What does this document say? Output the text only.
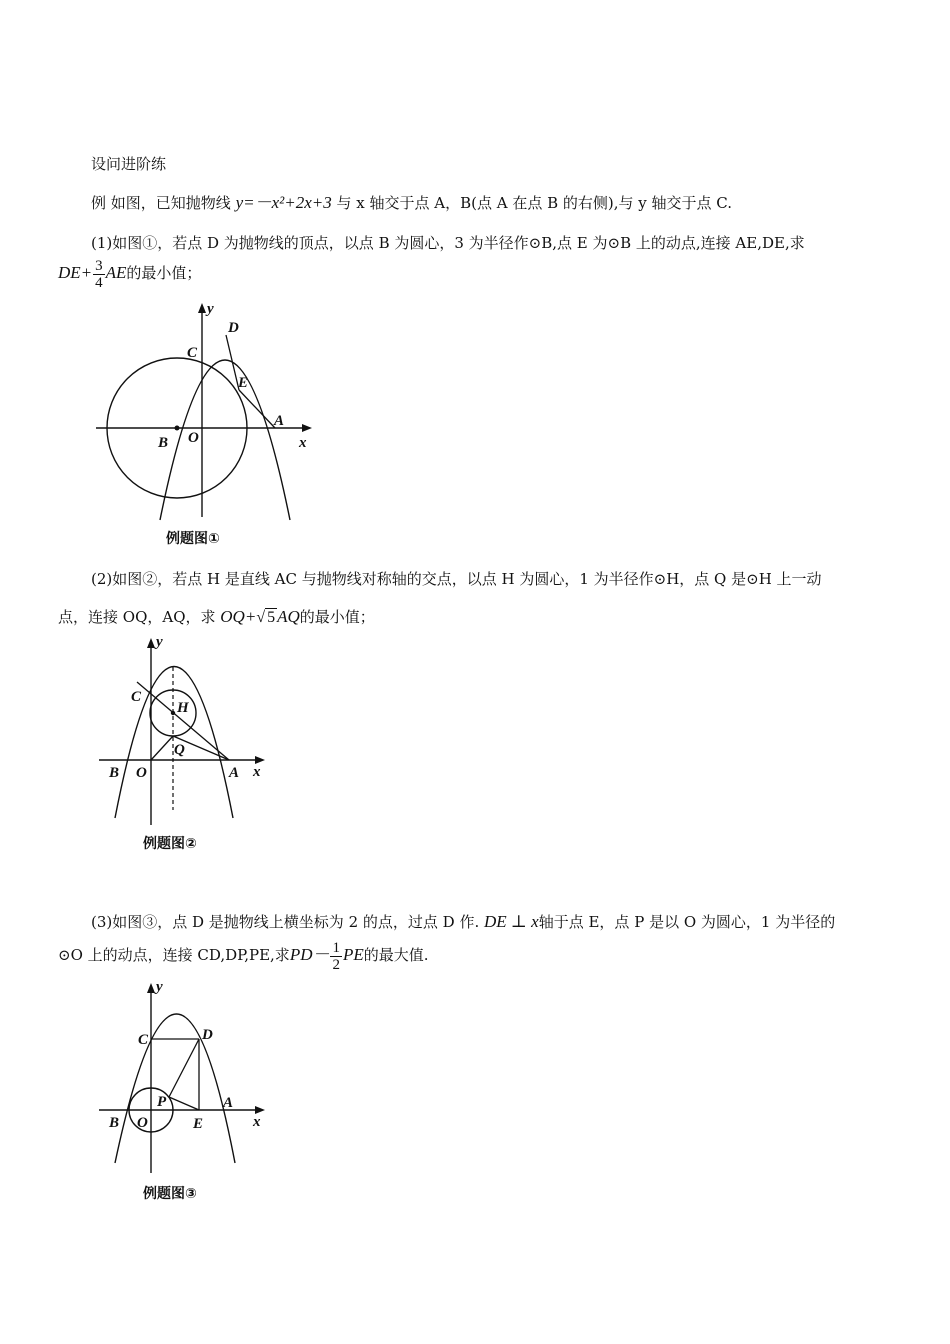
设问进阶练
例 如图，已知抛物线 y=－x²+2x+3 与 x 轴交于点 A，B(点 A 在点 B 的右侧),与 y 轴交于点 C.
(1)如图①，若点 D 为抛物线的顶点，以点 B 为圆心，3 为半径作⊙B,点 E 为⊙B 上的动点,连接 AE,DE,求
$DE+ \frac{3}{4}$ AE的最小值；
y
x
D
C
E
A
B O
例题图①
(2)如图②，若点 H 是直线 AC 与抛物线对称轴的交点，以点 H 为圆心，1 为半径作⊙H，点 Q 是⊙H 上一动
点，连接 OQ，AQ，求 OQ+√ 5 AQ的最小值；
y
x
C
H
Q
B O	A
例题图②
(3)如图③，点 D 是抛物线上横坐标为 2 的点，过点 D 作. DE ⊥ x轴于点 E，点 P 是以 O 为圆心，1 为半径的
⊙O 上的动点，连接 CD,DP,PE,求$PD- \frac{1}{2}$ PE的最大值.
y
x
C	D
P
B O	E
A
例题图③
